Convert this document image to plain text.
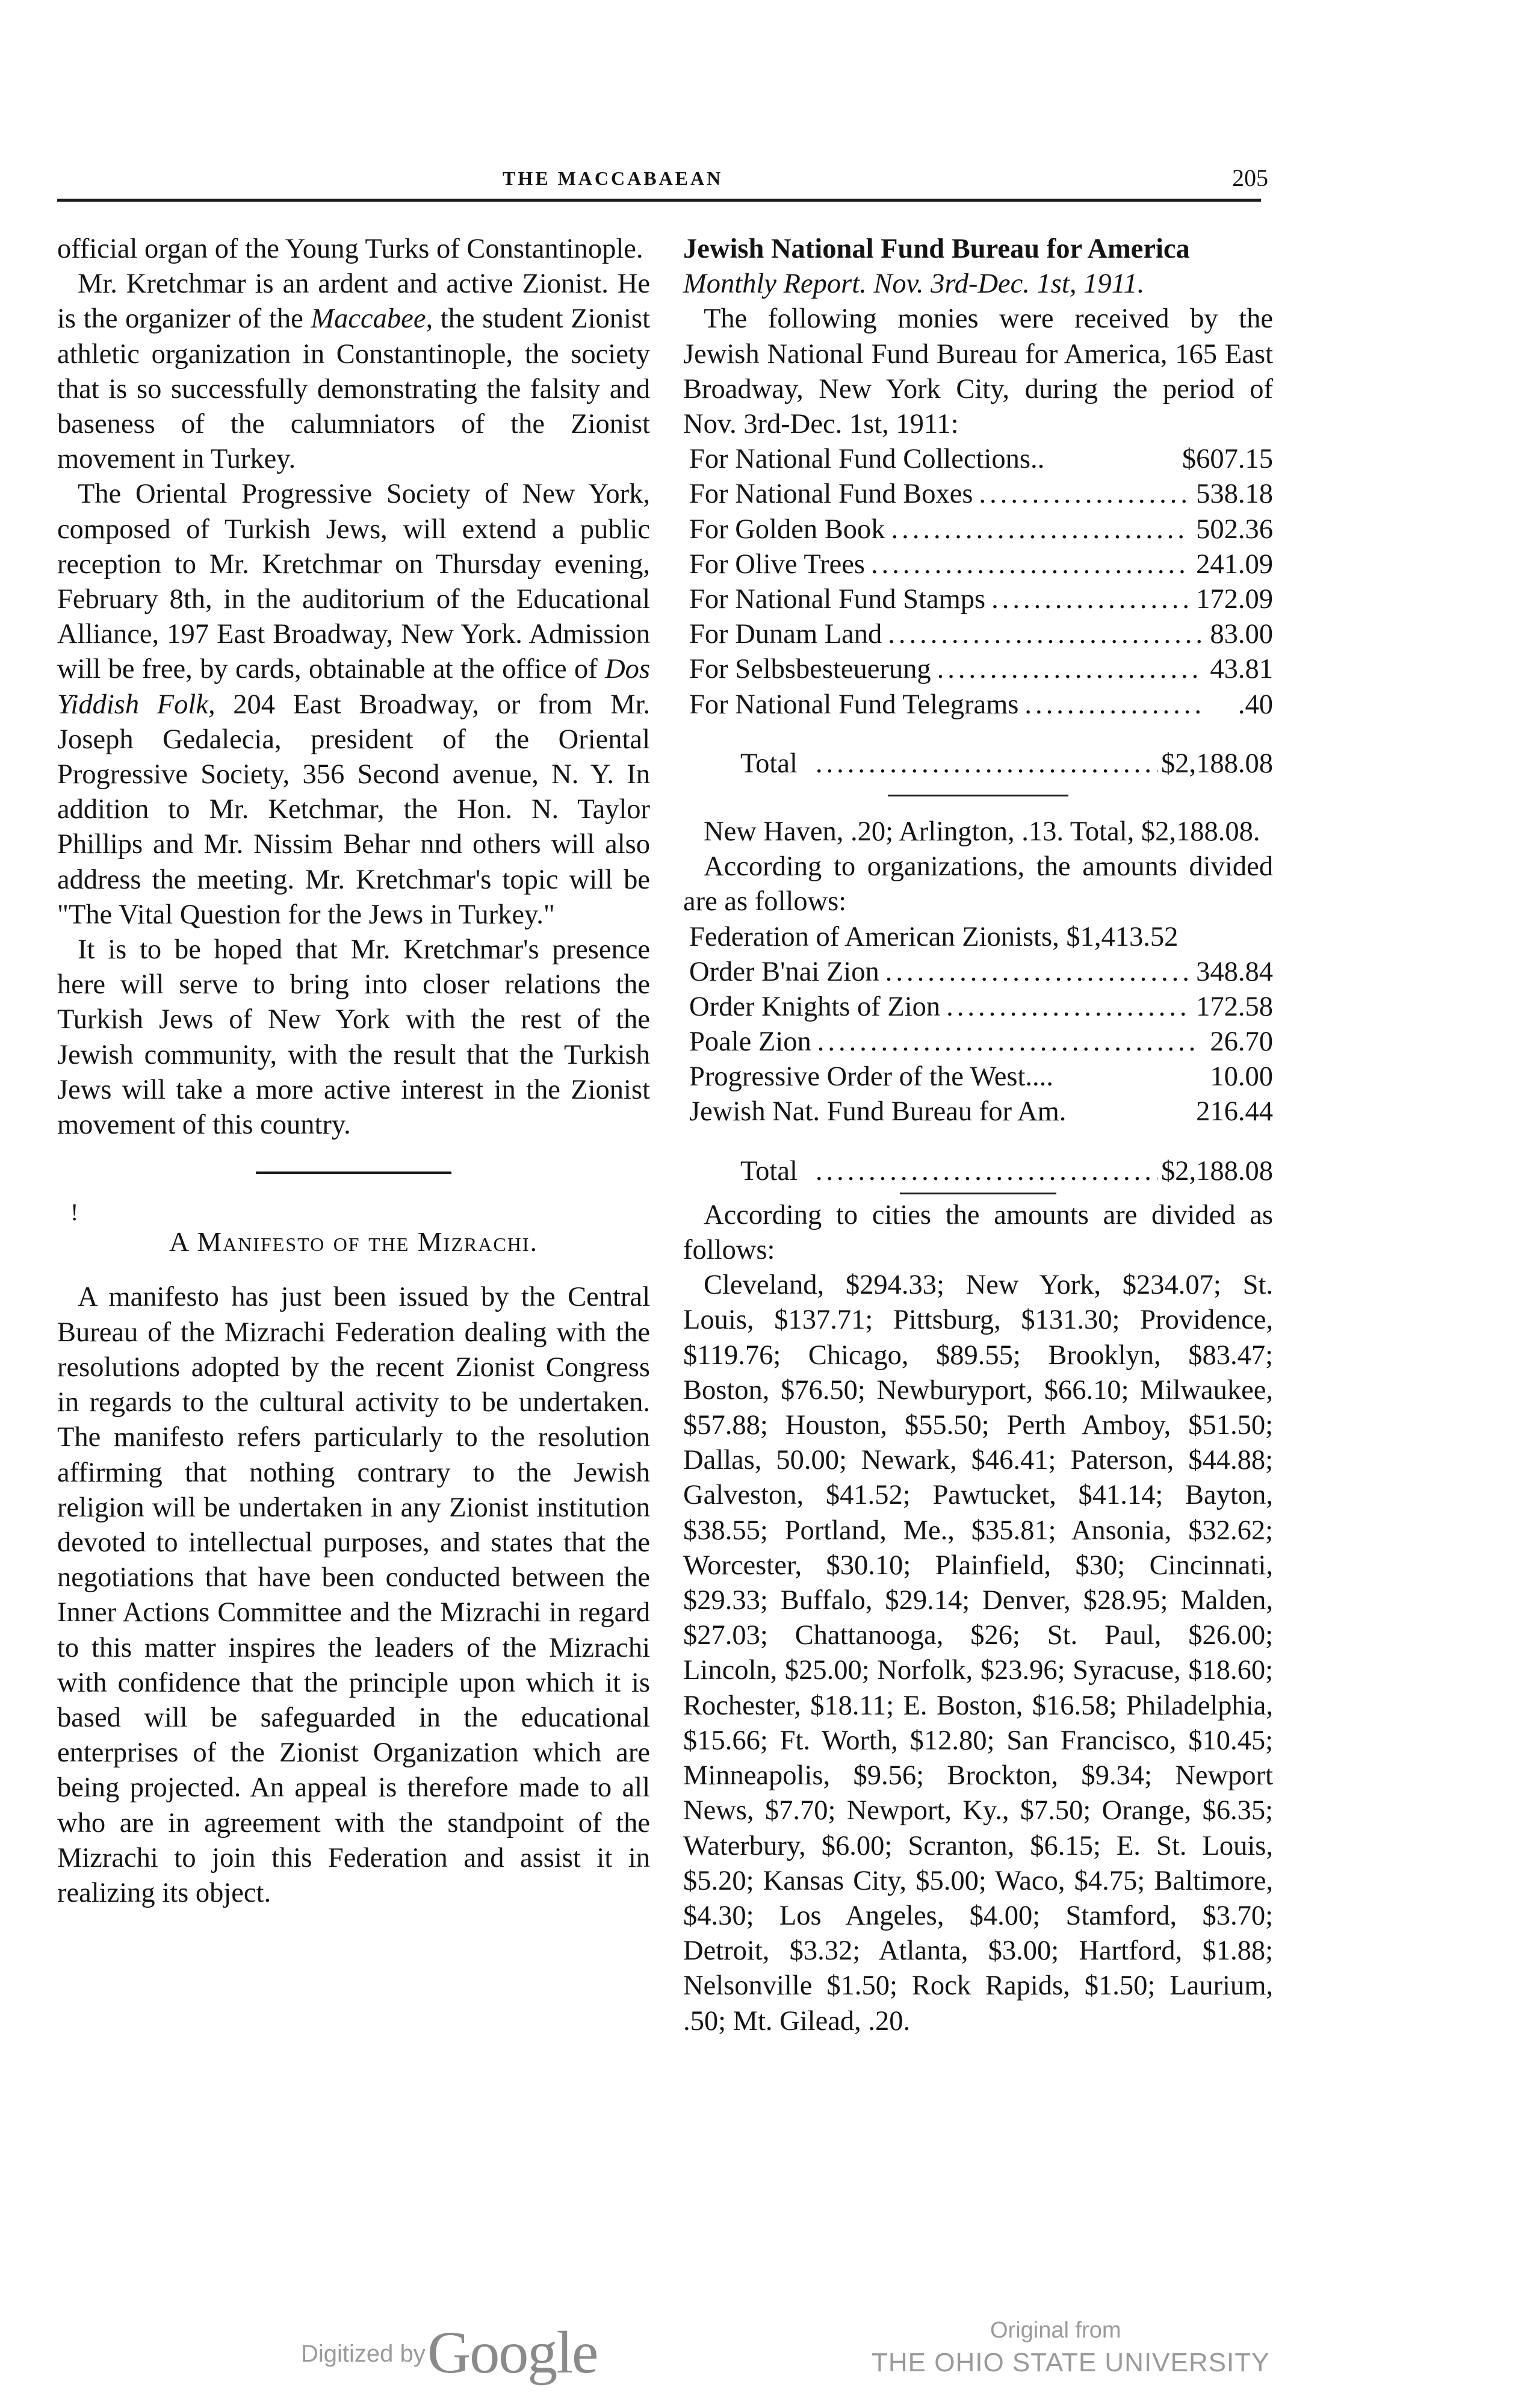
THE MACCABAEAN	205

official organ of the Young Turks of Constantinople.

Mr. Kretchmar is an ardent and active Zionist. He is the organizer of the Maccabee, the student Zionist athletic organization in Constantinople, the society that is so successfully demonstrating the falsity and baseness of the calumniators of the Zionist movement in Turkey.

The Oriental Progressive Society of New York, composed of Turkish Jews, will extend a public reception to Mr. Kretchmar on Thursday evening, February 8th, in the auditorium of the Educational Alliance, 197 East Broadway, New York. Admission will be free, by cards, obtainable at the office of Dos Yiddish Folk, 204 East Broadway, or from Mr. Joseph Gedalecia, president of the Oriental Progressive Society, 356 Second avenue, N. Y. In addition to Mr. Ketchmar, the Hon. N. Taylor Phillips and Mr. Nissim Behar nnd others will also address the meeting. Mr. Kretchmar's topic will be "The Vital Question for the Jews in Turkey."

It is to be hoped that Mr. Kretchmar's presence here will serve to bring into closer relations the Turkish Jews of New York with the rest of the Jewish community, with the result that the Turkish Jews will take a more active interest in the Zionist movement of this country.

!
A Manifesto of the Mizrachi.

A manifesto has just been issued by the Central Bureau of the Mizrachi Federation dealing with the resolutions adopted by the recent Zionist Congress in regards to the cultural activity to be undertaken. The manifesto refers particularly to the resolution affirming that nothing contrary to the Jewish religion will be undertaken in any Zionist institution devoted to intellectual purposes, and states that the negotiations that have been conducted between the Inner Actions Committee and the Mizrachi in regard to this matter inspires the leaders of the Mizrachi with confidence that the principle upon which it is based will be safeguarded in the educational enterprises of the Zionist Organization which are being projected. An appeal is therefore made to all who are in agreement with the standpoint of the Mizrachi to join this Federation and assist it in realizing its object.

Jewish National Fund Bureau for America

Monthly Report. Nov. 3rd-Dec. 1st, 1911.

The following monies were received by the Jewish National Fund Bureau for America, 165 East Broadway, New York City, during the period of Nov. 3rd-Dec. 1st, 1911:

For National Fund Collections..	$607.15
For National Fund Boxes .....	538.18
For Golden Book .....	502.36
For Olive Trees .....	241.09
For National Fund Stamps .....	172.09
For Dunam Land .....	83.00
For Selbsbesteuerung .....	43.81
For National Fund Telegrams .....	.40
Total .....	$2,188.08

New Haven, .20; Arlington, .13. Total, $2,188.08.

According to organizations, the amounts divided are as follows:

Federation of American Zionists, $1,413.52

Order B'nai Zion .....	348.84
Order Knights of Zion .....	172.58
Poale Zion .....	26.70
Progressive Order of the West....	10.00
Jewish Nat. Fund Bureau for Am.	216.44
Total .....	$2,188.08

According to cities the amounts are divided as follows:

Cleveland, $294.33; New York, $234.07; St. Louis, $137.71; Pittsburg, $131.30; Providence, $119.76; Chicago, $89.55; Brooklyn, $83.47; Boston, $76.50; Newburyport, $66.10; Milwaukee, $57.88; Houston, $55.50; Perth Amboy, $51.50; Dallas, 50.00; Newark, $46.41; Paterson, $44.88; Galveston, $41.52; Pawtucket, $41.14; Bayton, $38.55; Portland, Me., $35.81; Ansonia, $32.62; Worcester, $30.10; Plainfield, $30; Cincinnati, $29.33; Buffalo, $29.14; Denver, $28.95; Malden, $27.03; Chattanooga, $26; St. Paul, $26.00; Lincoln, $25.00; Norfolk, $23.96; Syracuse, $18.60; Rochester, $18.11; E. Boston, $16.58; Philadelphia, $15.66; Ft. Worth, $12.80; San Francisco, $10.45; Minneapolis, $9.56; Brockton, $9.34; Newport News, $7.70; Newport, Ky., $7.50; Orange, $6.35; Waterbury, $6.00; Scranton, $6.15; E. St. Louis, $5.20; Kansas City, $5.00; Waco, $4.75; Baltimore, $4.30; Los Angeles, $4.00; Stamford, $3.70; Detroit, $3.32; Atlanta, $3.00; Hartford, $1.88; Nelsonville $1.50; Rock Rapids, $1.50; Laurium, .50; Mt. Gilead, .20.

Digitized by Google	Original from
THE OHIO STATE UNIVERSITY
